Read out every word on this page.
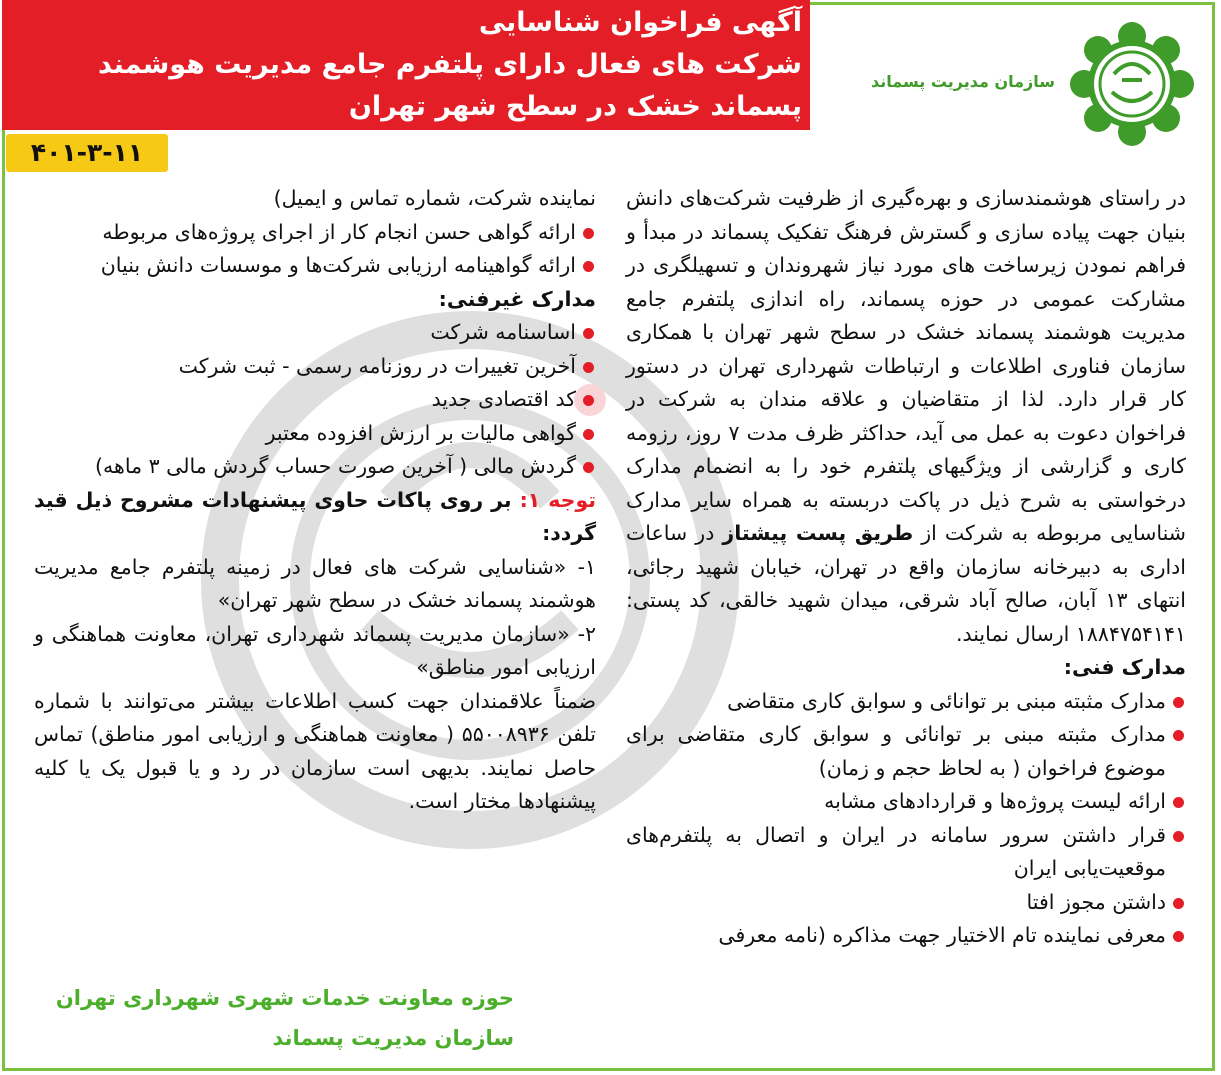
آگهی فراخوان شناسایی
شرکت های فعال دارای پلتفرم جامع مدیریت هوشمند
پسماند خشک در سطح شهر تهران
۴۰۱-۳-۱۱
سازمان مدیریت پسماند

در راستای هوشمندسازی و بهره‌گیری از ظرفیت شرکت‌های دانش بنیان جهت پیاده سازی و گسترش فرهنگ تفکیک پسماند در مبدأ و فراهم نمودن زیرساخت های مورد نیاز شهروندان و تسهیلگری در مشارکت عمومی در حوزه پسماند، راه اندازی پلتفرم جامع مدیریت هوشمند پسماند خشک در سطح شهر تهران با همکاری سازمان فناوری اطلاعات و ارتباطات شهرداری تهران در دستور کار قرار دارد. لذا از متقاضیان و علاقه مندان به شرکت در فراخوان دعوت به عمل می آید، حداکثر ظرف مدت ۷ روز، رزومه کاری و گزارشی از ویژگیهای پلتفرم خود را به انضمام مدارک درخواستی به شرح ذیل در پاکت دربسته به همراه سایر مدارک شناسایی مربوطه به شرکت از طریق پست پیشتاز در ساعات اداری به دبیرخانه سازمان واقع در تهران، خیابان شهید رجائی، انتهای ۱۳ آبان، صالح آباد شرقی، میدان شهید خالقی، کد پستی: ۱۸۸۴۷۵۴۱۴۱ ارسال نمایند.

مدارک فنی:

مدارک مثبته مبنی بر توانائی و سوابق کاری متقاضی
مدارک مثبته مبنی بر توانائی و سوابق کاری متقاضی برای موضوع فراخوان ( به لحاظ حجم و زمان)
ارائه لیست پروژه‌ها و قراردادهای مشابه
قرار داشتن سرور سامانه در ایران و اتصال به پلتفرم‌های موقعیت‌یابی ایران
داشتن مجوز افتا
معرفی نماینده تام الاختیار جهت مذاکره (نامه معرفی

نماینده شرکت، شماره تماس و ایمیل)

ارائه گواهی حسن انجام کار از اجرای پروژه‌های مربوطه
ارائه گواهینامه ارزیابی شرکت‌ها و موسسات دانش بنیان

مدارک غیرفنی:

اساسنامه شرکت
آخرین تغییرات در روزنامه رسمی - ثبت شرکت
کد اقتصادی جدید
گواهی مالیات بر ارزش افزوده معتبر
گردش مالی ( آخرین صورت حساب گردش مالی ۳ ماهه)

توجه ۱: بر روی پاکات حاوی پیشنهادات مشروح ذیل قید گردد:

۱- «شناسایی شرکت های فعال در زمینه پلتفرم جامع مدیریت هوشمند پسماند خشک در سطح شهر تهران»

۲- «سازمان مدیریت پسماند شهرداری تهران، معاونت هماهنگی و ارزیابی امور مناطق»

ضمناً علاقمندان جهت کسب اطلاعات بیشتر می‌توانند با شماره تلفن ۵۵۰۰۸۹۳۶ ( معاونت هماهنگی و ارزیابی امور مناطق) تماس حاصل نمایند. بدیهی است سازمان در رد و یا قبول یک یا کلیه پیشنهادها مختار است.

حوزه معاونت خدمات شهری شهرداری تهران
سازمان مدیریت پسماند
